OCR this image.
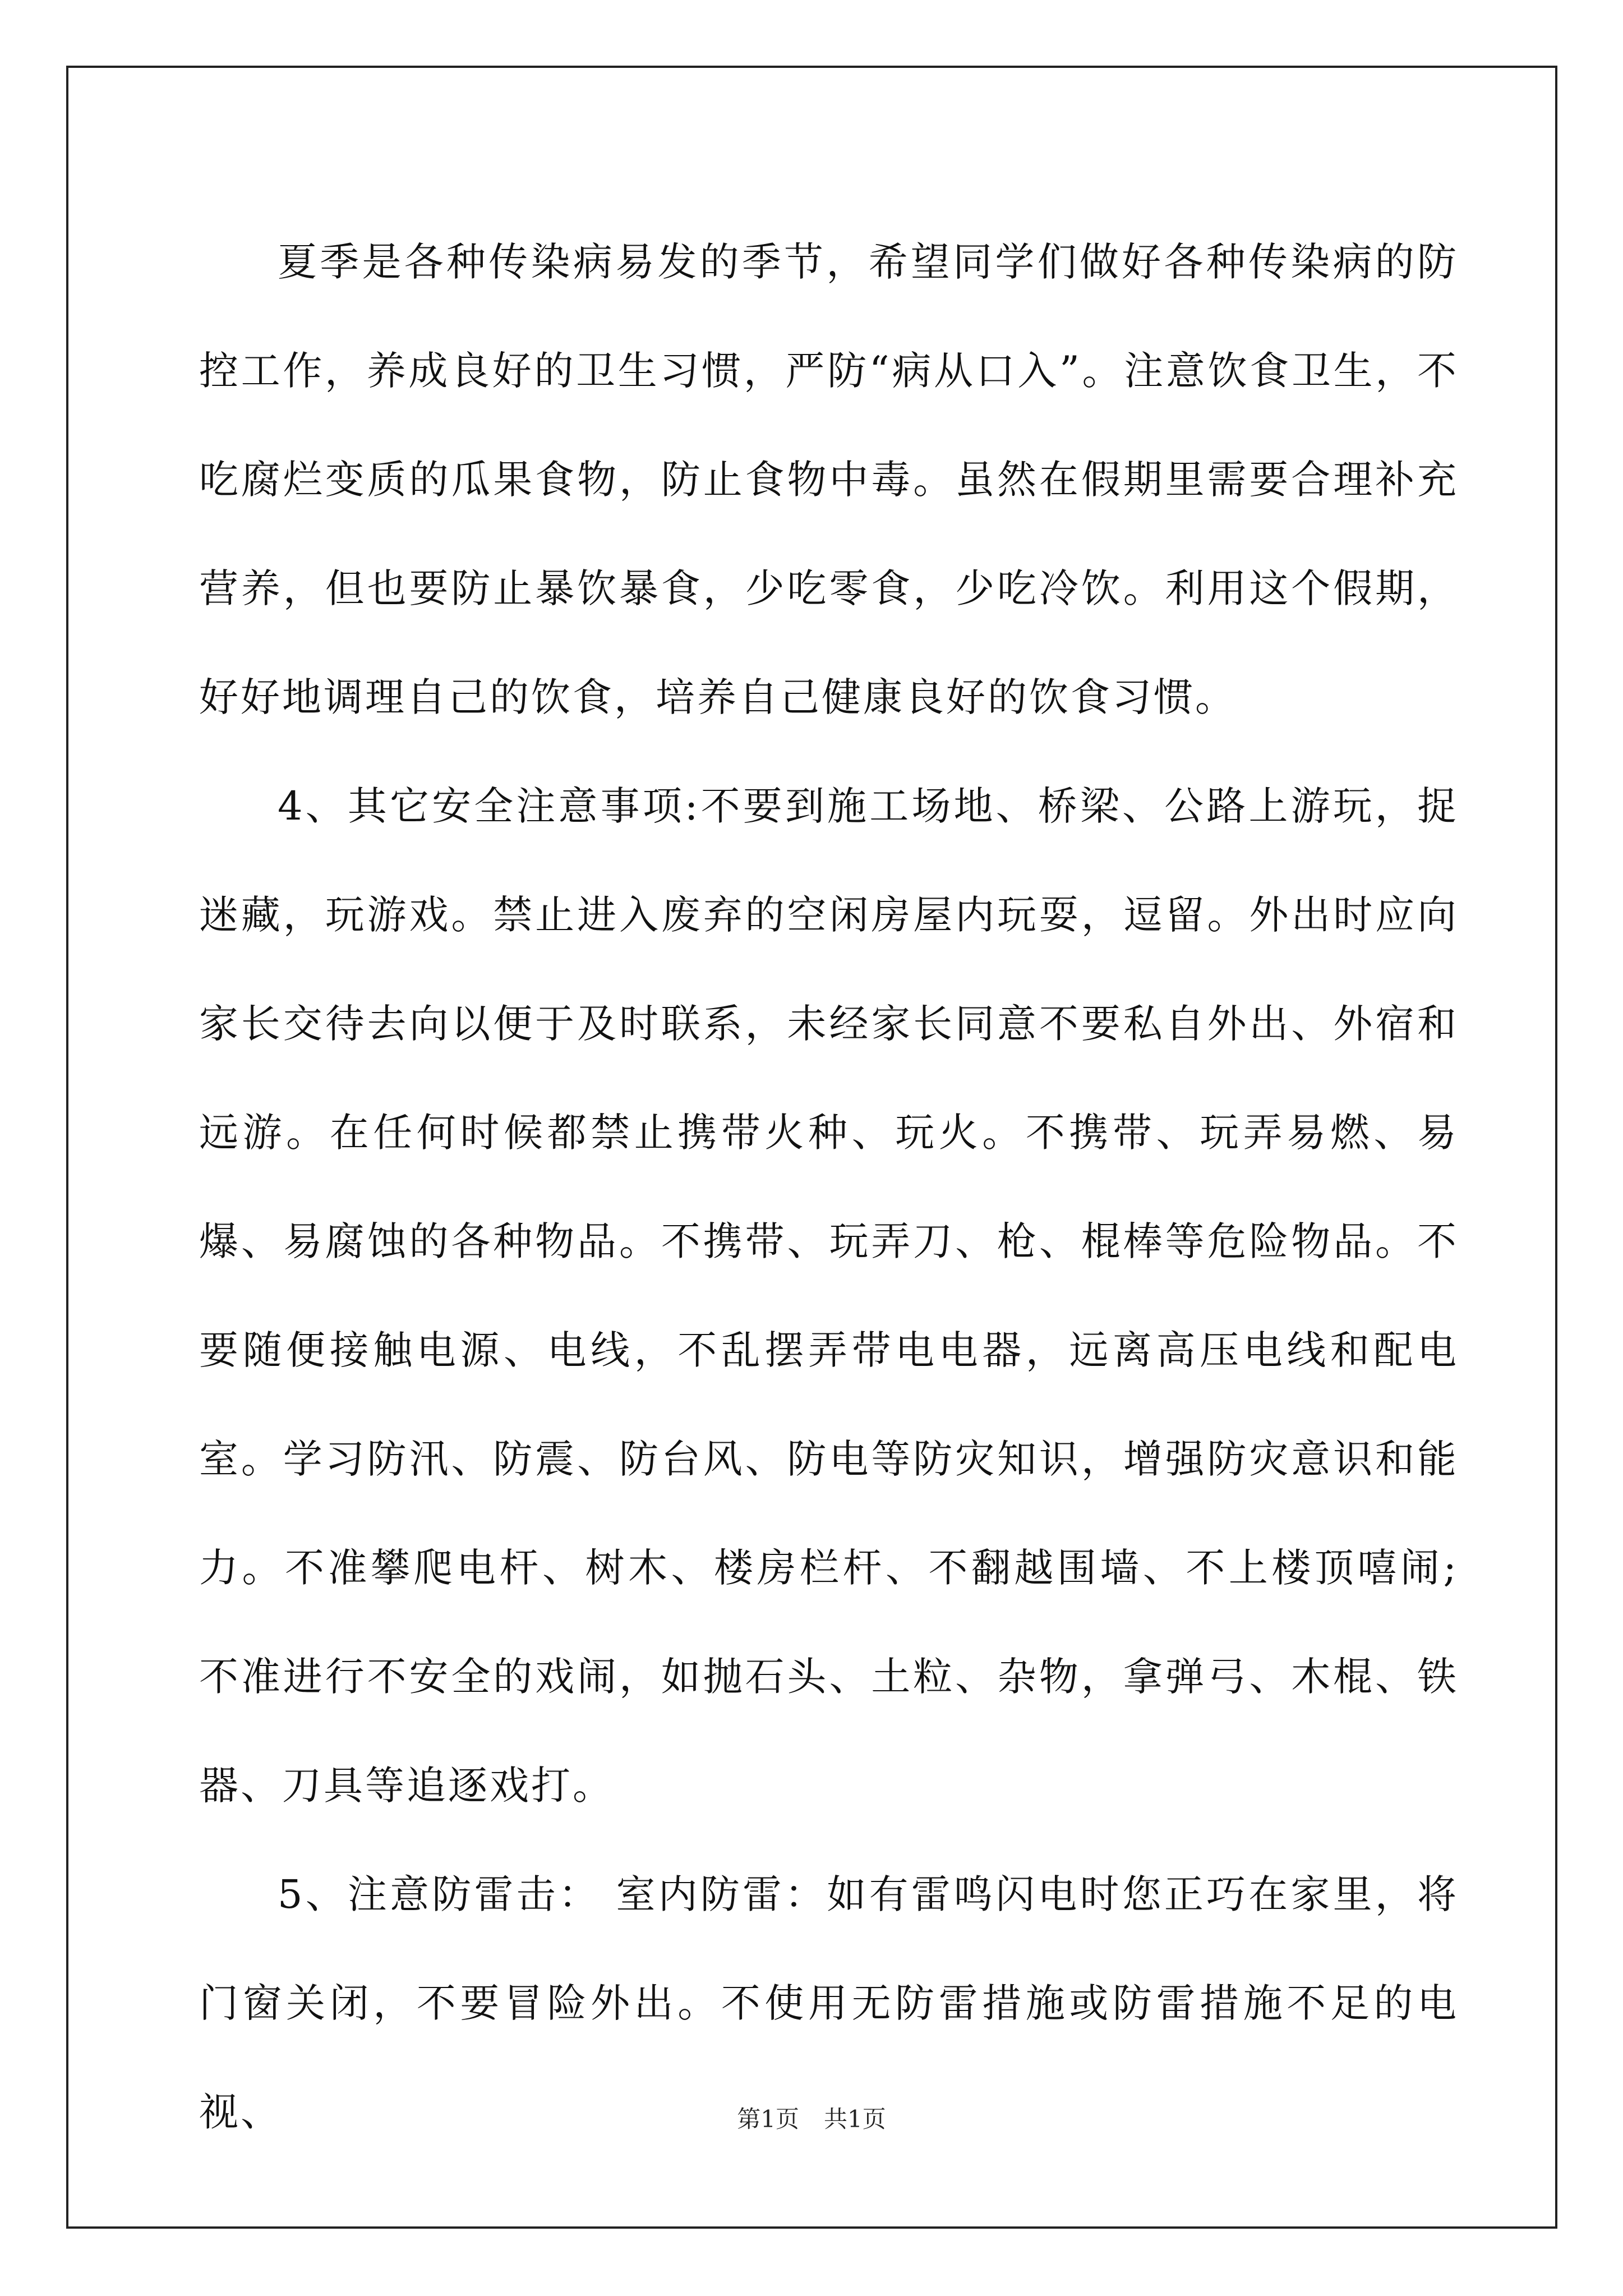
夏季是各种传染病易发的季节，希望同学们做好各种传染病的防控工作，养成良好的卫生习惯，严防“病从口入”。注意饮食卫生，不吃腐烂变质的瓜果食物，防止食物中毒。虽然在假期里需要合理补充营养，但也要防止暴饮暴食，少吃零食，少吃冷饮。利用这个假期，好好地调理自己的饮食，培养自己健康良好的饮食习惯。

4、其它安全注意事项:不要到施工场地、桥梁、公路上游玩，捉迷藏，玩游戏。禁止进入废弃的空闲房屋内玩耍，逗留。外出时应向家长交待去向以便于及时联系，未经家长同意不要私自外出、外宿和远游。在任何时候都禁止携带火种、玩火。不携带、玩弄易燃、易爆、易腐蚀的各种物品。不携带、玩弄刀、枪、棍棒等危险物品。不要随便接触电源、电线，不乱摆弄带电电器，远离高压电线和配电室。学习防汛、防震、防台风、防电等防灾知识，增强防灾意识和能力。不准攀爬电杆、树木、楼房栏杆、不翻越围墙、不上楼顶嘻闹;不准进行不安全的戏闹，如抛石头、土粒、杂物，拿弹弓、木棍、铁器、刀具等追逐戏打。

5、注意防雷击： 室内防雷：如有雷鸣闪电时您正巧在家里，将门窗关闭，不要冒险外出。不使用无防雷措施或防雷措施不足的电视、	第1页 共1页
